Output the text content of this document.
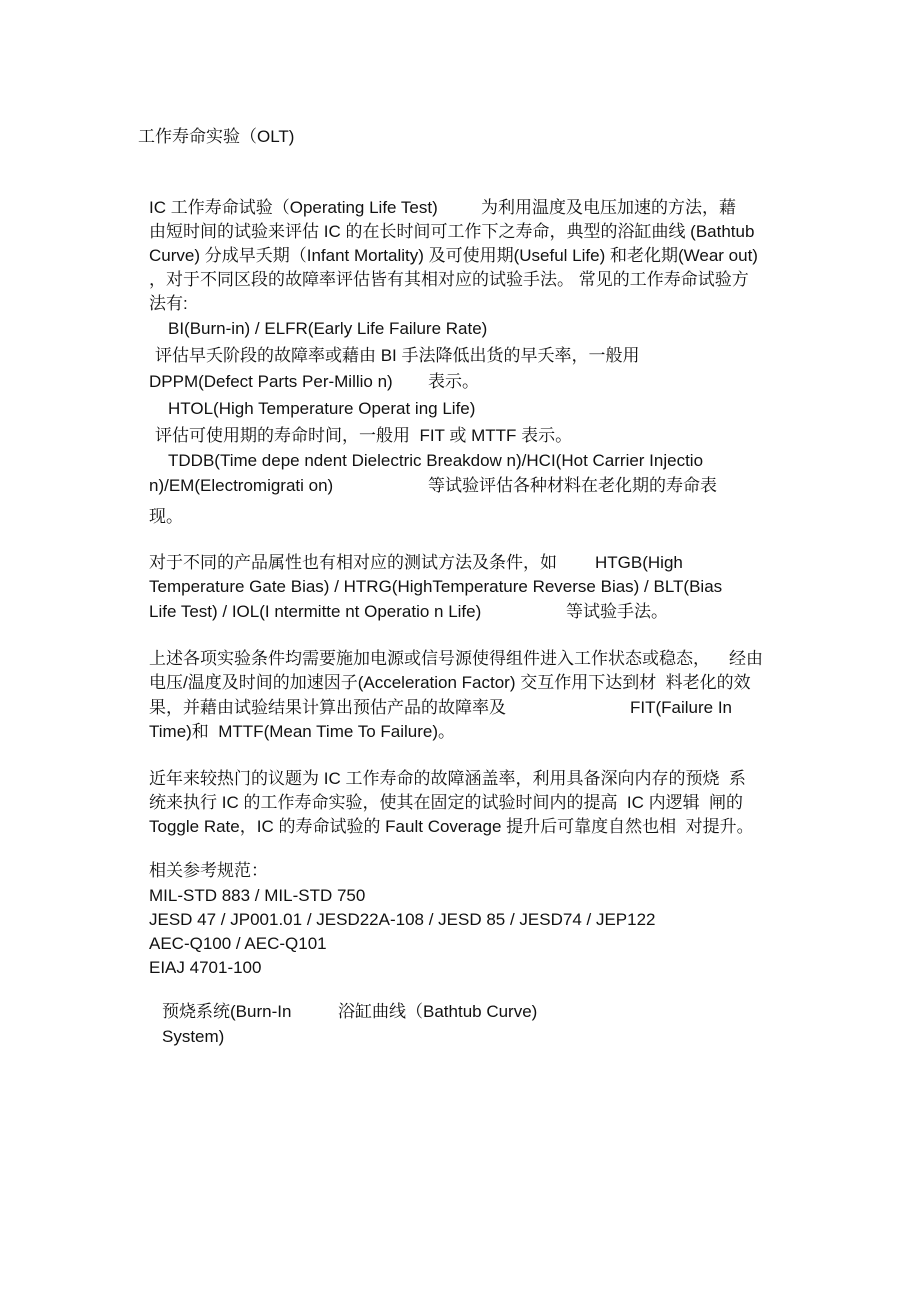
工作寿命实验（OLT)
IC 工作寿命试验（Operating Life Test)	为利用温度及电压加速的方法，藉
由短时间的试验来评估 IC 的在长时间可工作下之寿命，典型的浴缸曲线 (Bathtub
Curve) 分成早夭期（Infant Mortality) 及可使用期(Useful Life) 和老化期(Wear out)
，对于不同区段的故障率评估皆有其相对应的试验手法。 常见的工作寿命试验方
法有:
BI(Burn-in) / ELFR(Early Life Failure Rate)
评估早夭阶段的故障率或藉由 BI 手法降低出货的早夭率，一般用
DPPM(Defect Parts Per-Millio n) 表示。
HTOL(High Temperature Operat ing Life)
评估可使用期的寿命时间，一般用  FIT 或 MTTF 表示。
TDDB(Time depe ndent Dielectric Breakdow n)/HCI(Hot Carrier Injectio
n)/EM(Electromigrati on)	等试验评估各种材料在老化期的寿命表
现。
对于不同的产品属性也有相对应的测试方法及条件，如 HTGB(High
Temperature Gate Bias) / HTRG(HighTemperature Reverse Bias) / BLT(Bias
Life Test) / IOL(I ntermitte nt Operatio n Life)	等试验手法。
上述各项实验条件均需要施加电源或信号源使得组件进入工作状态或稳态， 经由
电压/温度及时间的加速因子(Acceleration Factor) 交互作用下达到材  料老化的效
果，并藉由试验结果计算出预估产品的故障率及	FIT(Failure In
Time)和  MTTF(Mean Time To Failure)。
近年来较热门的议题为 IC 工作寿命的故障涵盖率，利用具备深向内存的预烧  系
统来执行 IC 的工作寿命实验，使其在固定的试验时间内的提高  IC 内逻辑  闸的
Toggle Rate，IC 的寿命试验的 Fault Coverage 提升后可靠度自然也相  对提升。
相关参考规范：
MIL-STD 883 / MIL-STD 750
JESD 47 / JP001.01 / JESD22A-108 / JESD 85 / JESD74 / JEP122
AEC-Q100 / AEC-Q101
EIAJ 4701-100
预烧系统(Burn-In
System)
浴缸曲线（Bathtub Curve)
